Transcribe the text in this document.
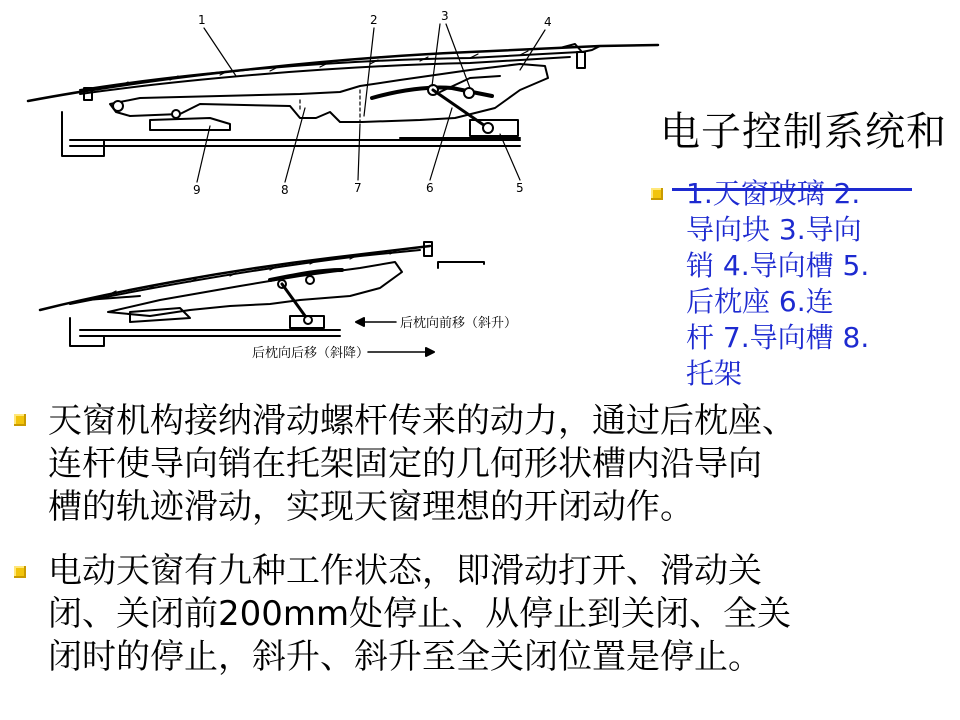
1	2	3	4
9	8	7	6	5
后枕向前移（斜升）
后枕向后移（斜降）
电子控制系统和
1.天窗玻璃 2.
导向块 3.导向
销 4.导向槽 5.
后枕座 6.连
杆 7.导向槽 8.
托架
天窗机构接纳滑动螺杆传来的动力，通过后枕座、
连杆使导向销在托架固定的几何形状槽内沿导向
槽的轨迹滑动，实现天窗理想的开闭动作。
电动天窗有九种工作状态，即滑动打开、滑动关
闭、关闭前200mm处停止、从停止到关闭、全关
闭时的停止，斜升、斜升至全关闭位置是停止。
